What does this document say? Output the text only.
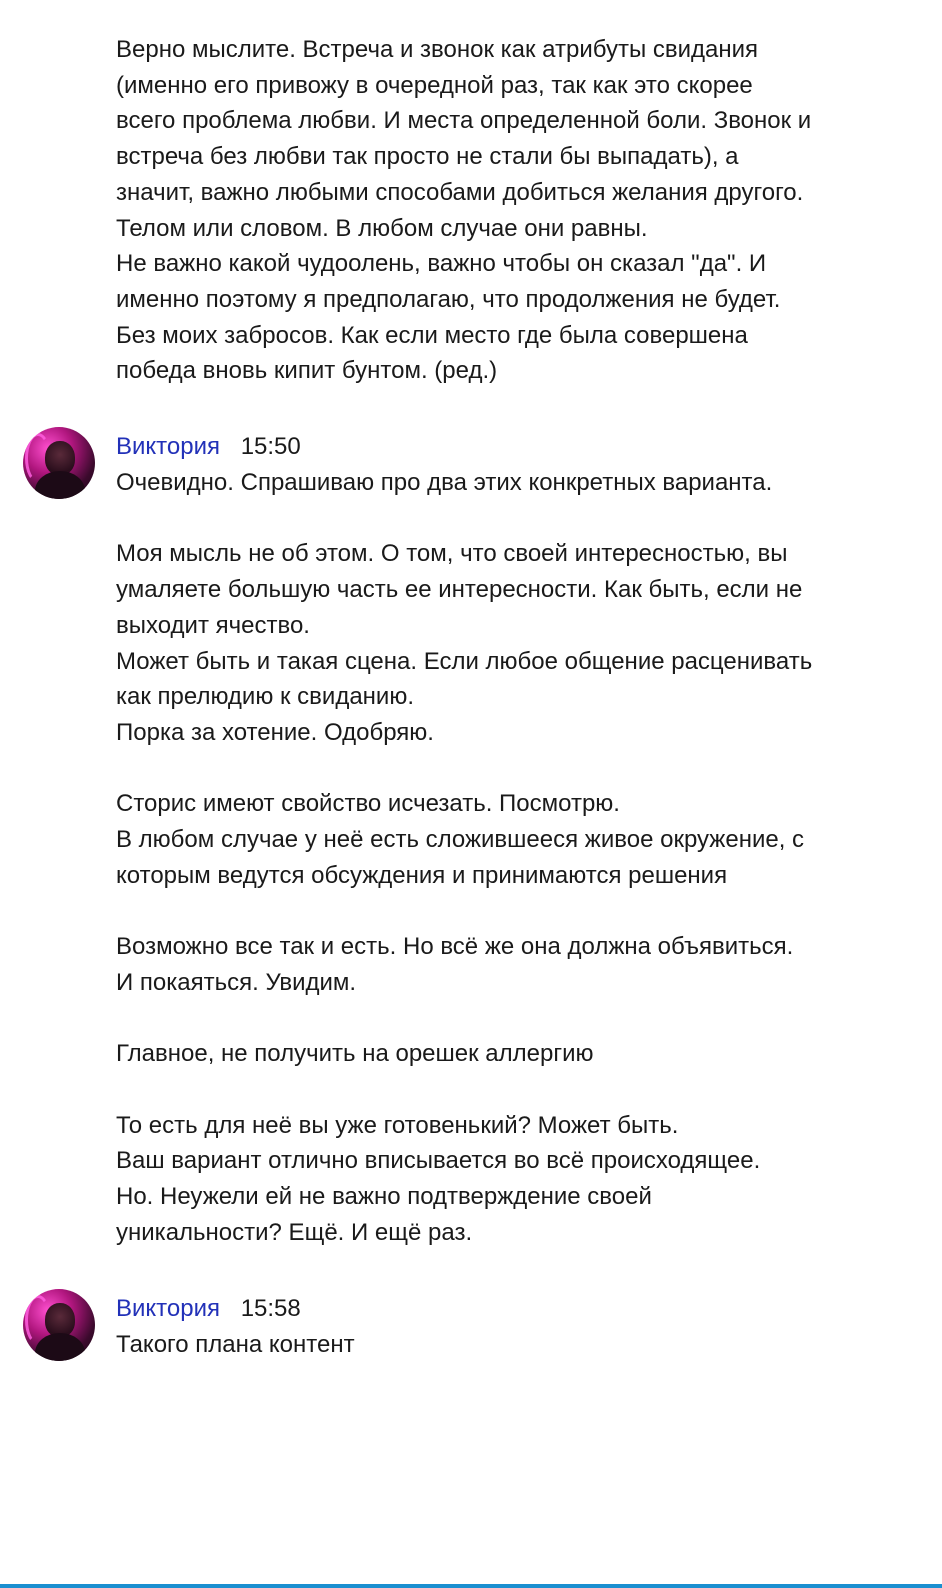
Верно мыслите. Встреча и звонок как атрибуты свидания
(именно его привожу в очередной раз, так как это скорее
всего проблема любви. И места определенной боли. Звонок и
встреча без любви так просто не стали бы выпадать), а
значит, важно любыми способами добиться желания другого.
Телом или словом. В любом случае они равны.
Не важно какой чудоолень, важно чтобы он сказал "да". И
именно поэтому я предполагаю, что продолжения не будет.
Без моих забросов. Как если место где была совершена
победа вновь кипит бунтом. (ред.)
Виктория 15:50
Очевидно. Спрашиваю про два этих конкретных варианта.

Моя мысль не об этом. О том, что своей интересностью, вы
умаляете большую часть ее интересности. Как быть, если не
выходит ячество.
Может быть и такая сцена. Если любое общение расценивать
как прелюдию к свиданию.
Порка за хотение. Одобряю.

Сторис имеют свойство исчезать. Посмотрю.
В любом случае у неё есть сложившееся живое окружение, с
которым ведутся обсуждения и принимаются решения

Возможно все так и есть. Но всё же она должна объявиться.
И покаяться. Увидим.

Главное, не получить на орешек аллергию

То есть для неё вы уже готовенький? Может быть.
Ваш вариант отлично вписывается во всё происходящее.
Но. Неужели ей не важно подтверждение своей
уникальности? Ещё. И ещё раз.
Виктория 15:58
Такого плана контент
